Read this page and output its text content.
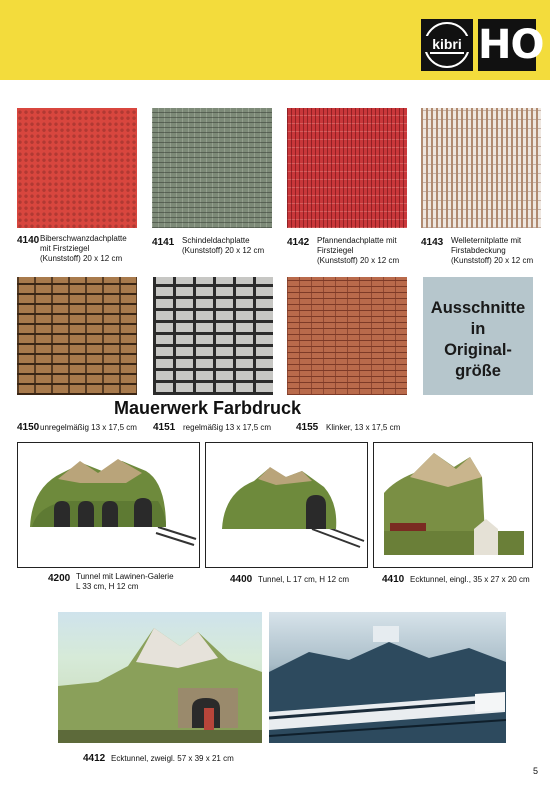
kibri HO
4140 Biberschwanzdachplatte
mit Firstziegel
(Kunststoff) 20 x 12 cm
4141 Schindeldachplatte
(Kunststoff) 20 x 12 cm
4142 Pfannendachplatte mit
Firstziegel
(Kunststoff) 20 x 12 cm
4143 Welleternitplatte mit
Firstabdeckung
(Kunststoff) 20 x 12 cm
Ausschnitte
in
Original-
größe
Mauerwerk Farbdruck
4150 unregelmäßig 13 x 17,5 cm 4151 regelmäßig 13 x 17,5 cm 4155 Klinker, 13 x 17,5 cm
4200 Tunnel mit Lawinen-Galerie
L 33 cm, H 12 cm
4400 Tunnel, L 17 cm, H 12 cm	4410 Ecktunnel, eingl., 35 x 27 x 20 cm
4412 Ecktunnel, zweigl. 57 x 39 x 21 cm
5
